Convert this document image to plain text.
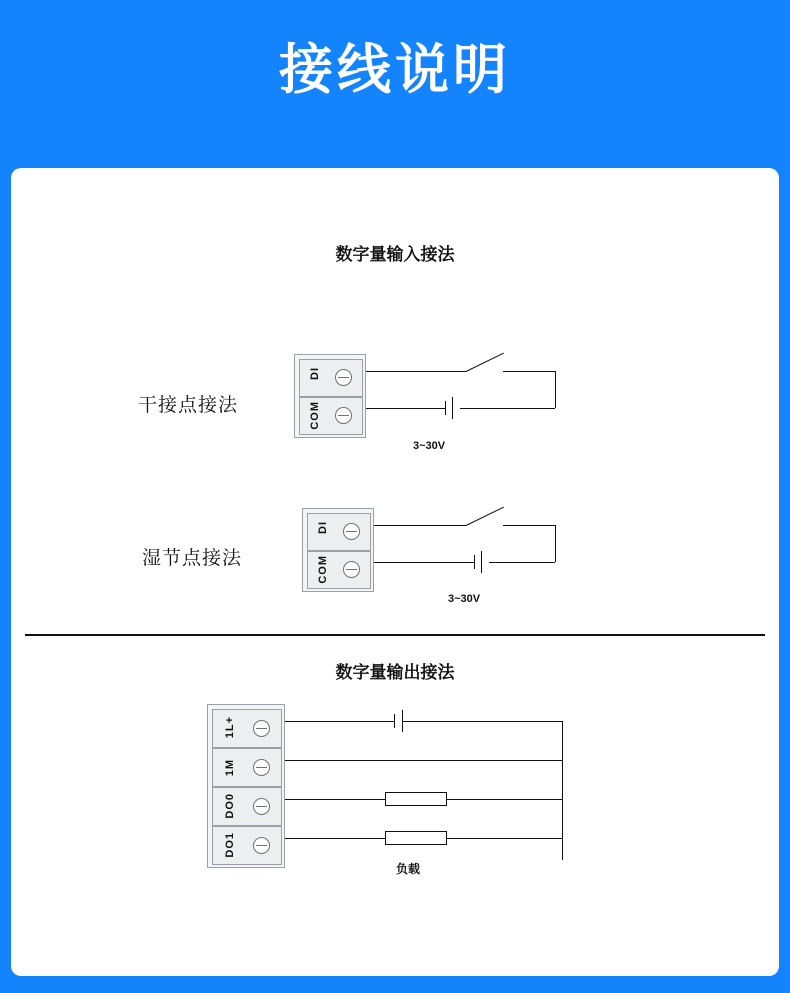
接线说明
数字量输入接法
干接点接法
DI
COM
3~30V
湿节点接法
DI
COM
3~30V
数字量输出接法
1L+
1M
DO0
DO1
负载
